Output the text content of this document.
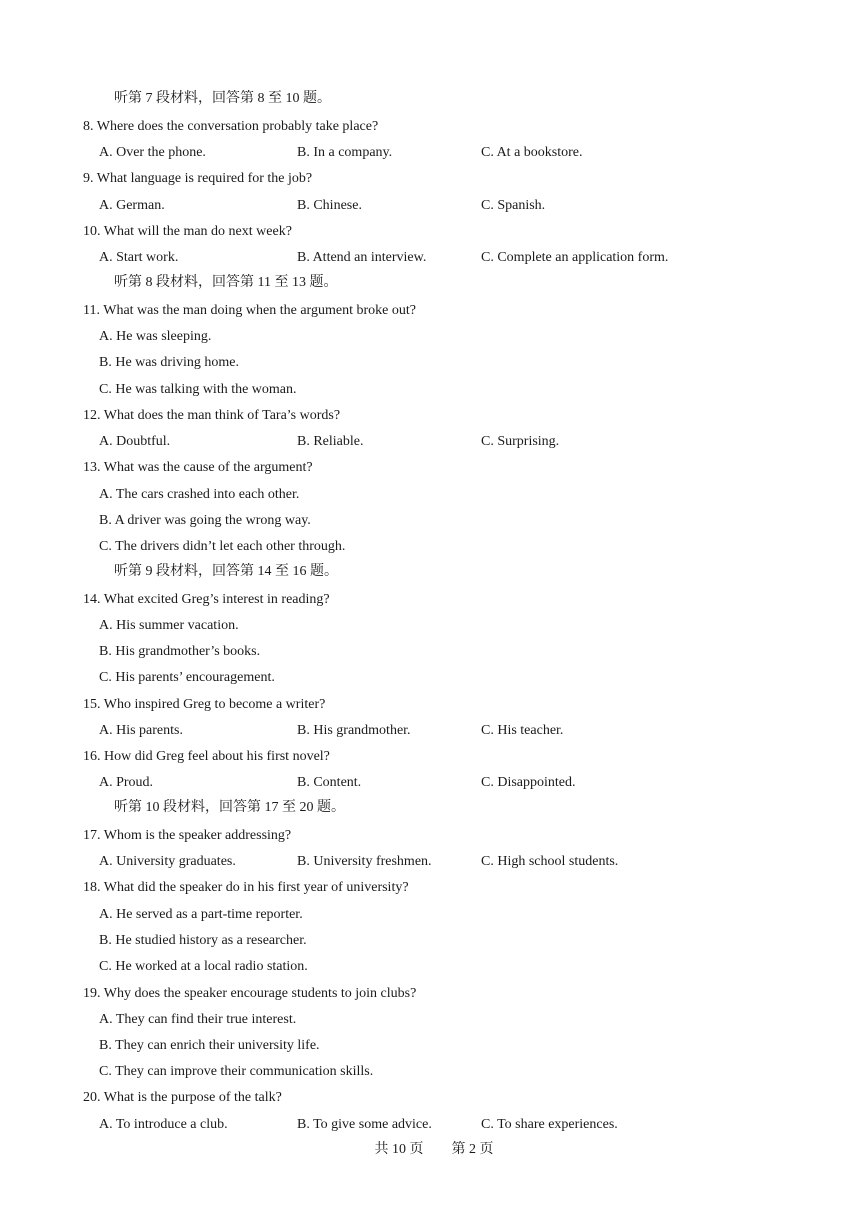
听第 7 段材料，回答第 8 至 10 题。
8. Where does the conversation probably take place?
A. Over the phone.	B. In a company.	C. At a bookstore.
9. What language is required for the job?
A. German.	B. Chinese.	C. Spanish.
10. What will the man do next week?
A. Start work.	B. Attend an interview.	C. Complete an application form.
听第 8 段材料，回答第 11 至 13 题。
11. What was the man doing when the argument broke out?
A. He was sleeping.
B. He was driving home.
C. He was talking with the woman.
12. What does the man think of Tara’s words?
A. Doubtful.	B. Reliable.	C. Surprising.
13. What was the cause of the argument?
A. The cars crashed into each other.
B. A driver was going the wrong way.
C. The drivers didn’t let each other through.
听第 9 段材料，回答第 14 至 16 题。
14. What excited Greg’s interest in reading?
A. His summer vacation.
B. His grandmother’s books.
C. His parents’ encouragement.
15. Who inspired Greg to become a writer?
A. His parents.	B. His grandmother.	C. His teacher.
16. How did Greg feel about his first novel?
A. Proud.	B. Content.	C. Disappointed.
听第 10 段材料，回答第 17 至 20 题。
17. Whom is the speaker addressing?
A. University graduates.	B. University freshmen.	C. High school students.
18. What did the speaker do in his first year of university?
A. He served as a part-time reporter.
B. He studied history as a researcher.
C. He worked at a local radio station.
19. Why does the speaker encourage students to join clubs?
A. They can find their true interest.
B. They can enrich their university life.
C. They can improve their communication skills.
20. What is the purpose of the talk?
A. To introduce a club.	B. To give some advice.	C. To share experiences.
共 10 页　　第 2 页
